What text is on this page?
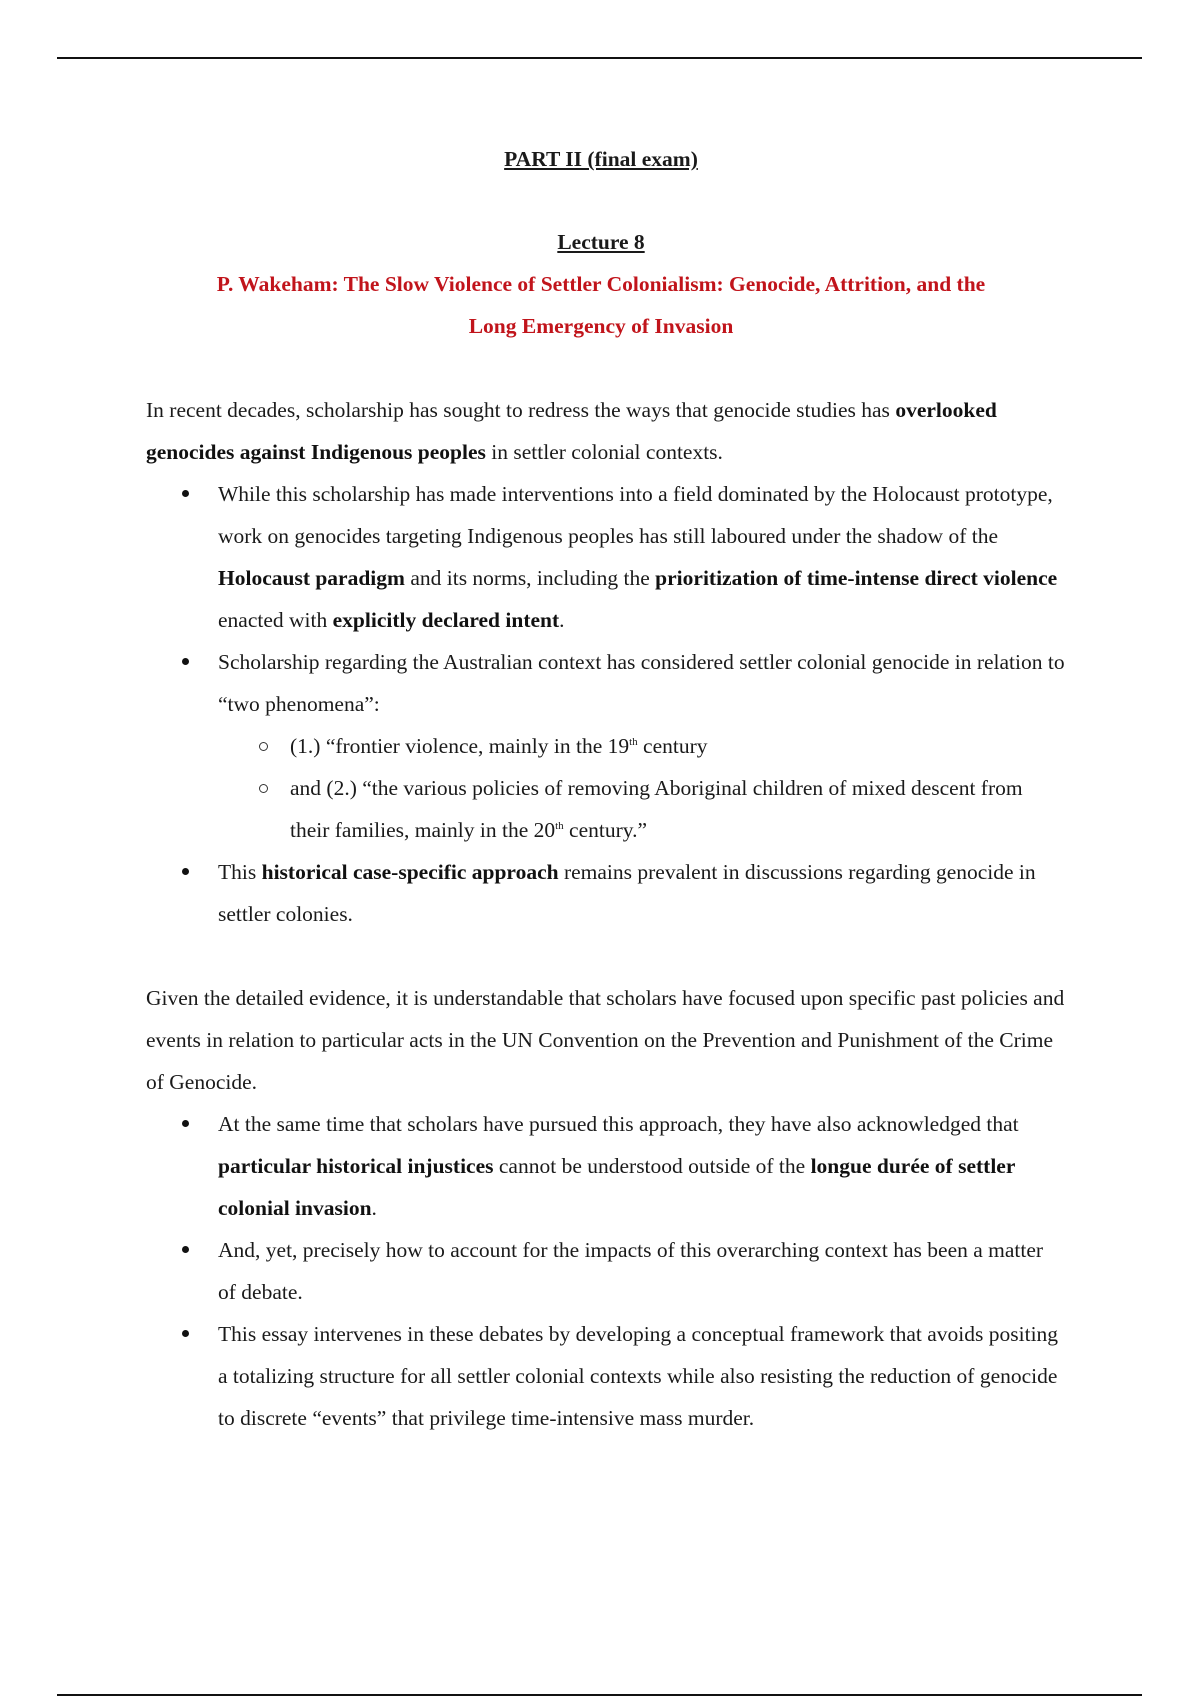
PART II (final exam)

Lecture 8

P. Wakeham: The Slow Violence of Settler Colonialism: Genocide, Attrition, and the
Long Emergency of Invasion

In recent decades, scholarship has sought to redress the ways that genocide studies has overlooked genocides against Indigenous peoples in settler colonial contexts.

While this scholarship has made interventions into a field dominated by the Holocaust prototype, work on genocides targeting Indigenous peoples has still laboured under the shadow of the Holocaust paradigm and its norms, including the prioritization of time-intense direct violence enacted with explicitly declared intent.
Scholarship regarding the Australian context has considered settler colonial genocide in relation to “two phenomena”:
(1.) “frontier violence, mainly in the 19th century
and (2.) “the various policies of removing Aboriginal children of mixed descent from their families, mainly in the 20th century.”
This historical case-specific approach remains prevalent in discussions regarding genocide in settler colonies.

Given the detailed evidence, it is understandable that scholars have focused upon specific past policies and events in relation to particular acts in the UN Convention on the Prevention and Punishment of the Crime of Genocide.

At the same time that scholars have pursued this approach, they have also acknowledged that particular historical injustices cannot be understood outside of the longue durée of settler colonial invasion.
And, yet, precisely how to account for the impacts of this overarching context has been a matter of debate.
This essay intervenes in these debates by developing a conceptual framework that avoids positing a totalizing structure for all settler colonial contexts while also resisting the reduction of genocide to discrete “events” that privilege time-intensive mass murder.
